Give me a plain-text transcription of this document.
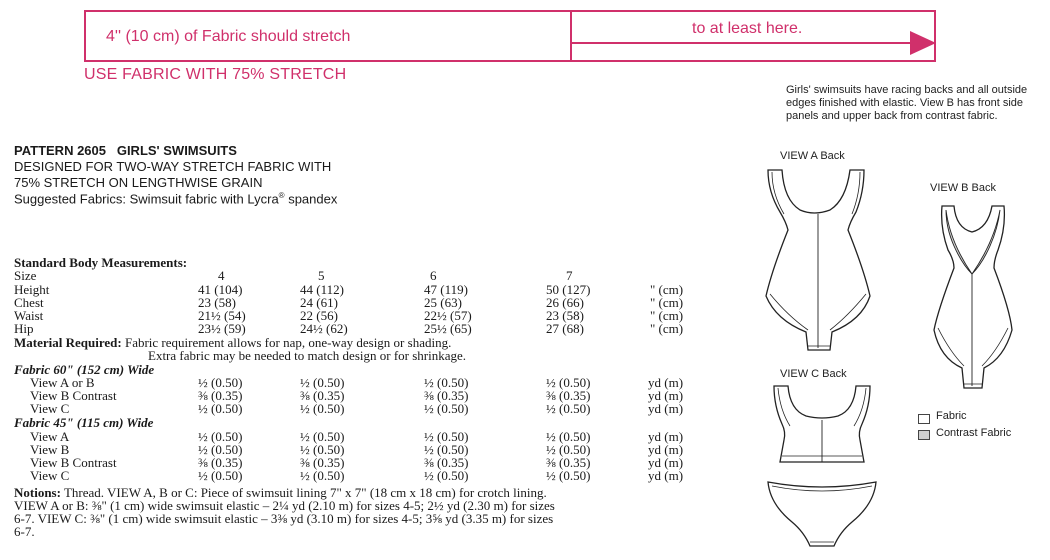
4'' (10 cm) of Fabric should stretch	to at least here.
USE FABRIC WITH 75% STRETCH
Girls' swimsuits have racing backs and all outside edges finished with elastic. View B has front side panels and upper back from contrast fabric.
PATTERN 2605   GIRLS' SWIMSUITS
DESIGNED FOR TWO-WAY STRETCH FABRIC WITH
75% STRETCH ON LENGTHWISE GRAIN
Suggested Fabrics: Swimsuit fabric with Lycra® spandex
Standard Body Measurements:
Size	4	5	6	7
Height	41 (104)	44 (112)	47 (119)	50 (127)	" (cm)
Chest	23 (58)	24 (61)	25 (63)	26 (66)	" (cm)
Waist	21½ (54)	22 (56)	22½ (57)	23 (58)	" (cm)
Hip	23½ (59)	24½ (62)	25½ (65)	27 (68)	" (cm)
Material Required: Fabric requirement allows for nap, one-way design or shading.
Extra fabric may be needed to match design or for shrinkage.
Fabric 60" (152 cm) Wide
View A or B	½ (0.50)	½ (0.50)	½ (0.50)	½ (0.50)	yd (m)
View B Contrast	⅜ (0.35)	⅜ (0.35)	⅜ (0.35)	⅜ (0.35)	yd (m)
View C	½ (0.50)	½ (0.50)	½ (0.50)	½ (0.50)	yd (m)
Fabric 45" (115 cm) Wide
View A	½ (0.50)	½ (0.50)	½ (0.50)	½ (0.50)	yd (m)
View B	½ (0.50)	½ (0.50)	½ (0.50)	½ (0.50)	yd (m)
View B Contrast	⅜ (0.35)	⅜ (0.35)	⅜ (0.35)	⅜ (0.35)	yd (m)
View C	½ (0.50)	½ (0.50)	½ (0.50)	½ (0.50)	yd (m)
Notions: Thread. VIEW A, B or C: Piece of swimsuit lining 7" x 7" (18 cm x 18 cm) for crotch lining.
VIEW A or B: ⅜" (1 cm) wide swimsuit elastic – 2¼ yd (2.10 m) for sizes 4-5; 2½ yd (2.30 m) for sizes
6-7. VIEW C: ⅜" (1 cm) wide swimsuit elastic – 3⅜ yd (3.10 m) for sizes 4-5; 3⅝ yd (3.35 m) for sizes
6-7.
VIEW A Back
VIEW B Back
VIEW C Back
Fabric
Contrast Fabric
